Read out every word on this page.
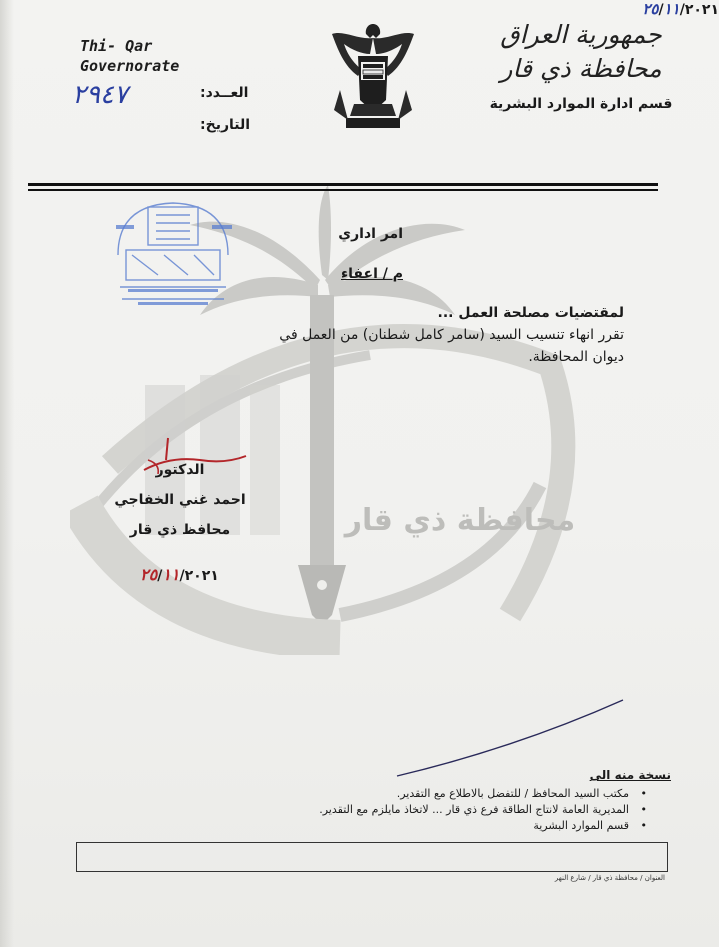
محافظة ذي قار
Thi- Qar
Governorate
العــدد:
٢٩٤٧
التاريخ:
٢٥/١١/٢٠٢١
جمهورية العراق
محافظة ذي قار
قسم ادارة الموارد البشرية
امر اداري
م / اعفاء
لمقتضيات مصلحة العمل ...
تقرر انهاء تنسيب السيد (سامر كامل شطنان) من العمل في
ديوان المحافظة.
الدكتور
احمد غني الخفاجي
محافظ ذي قار
٢٥/١١/٢٠٢١
نسخة منه الى
• مكتب السيد المحافظ / للتفضل بالاطلاع مع التقدير.
• المديرية العامة لانتاج الطاقة فرع ذي قار ... لاتخاذ مايلزم مع التقدير.
• قسم الموارد البشرية
العنوان / محافظة ذي قار / شارع النهر
